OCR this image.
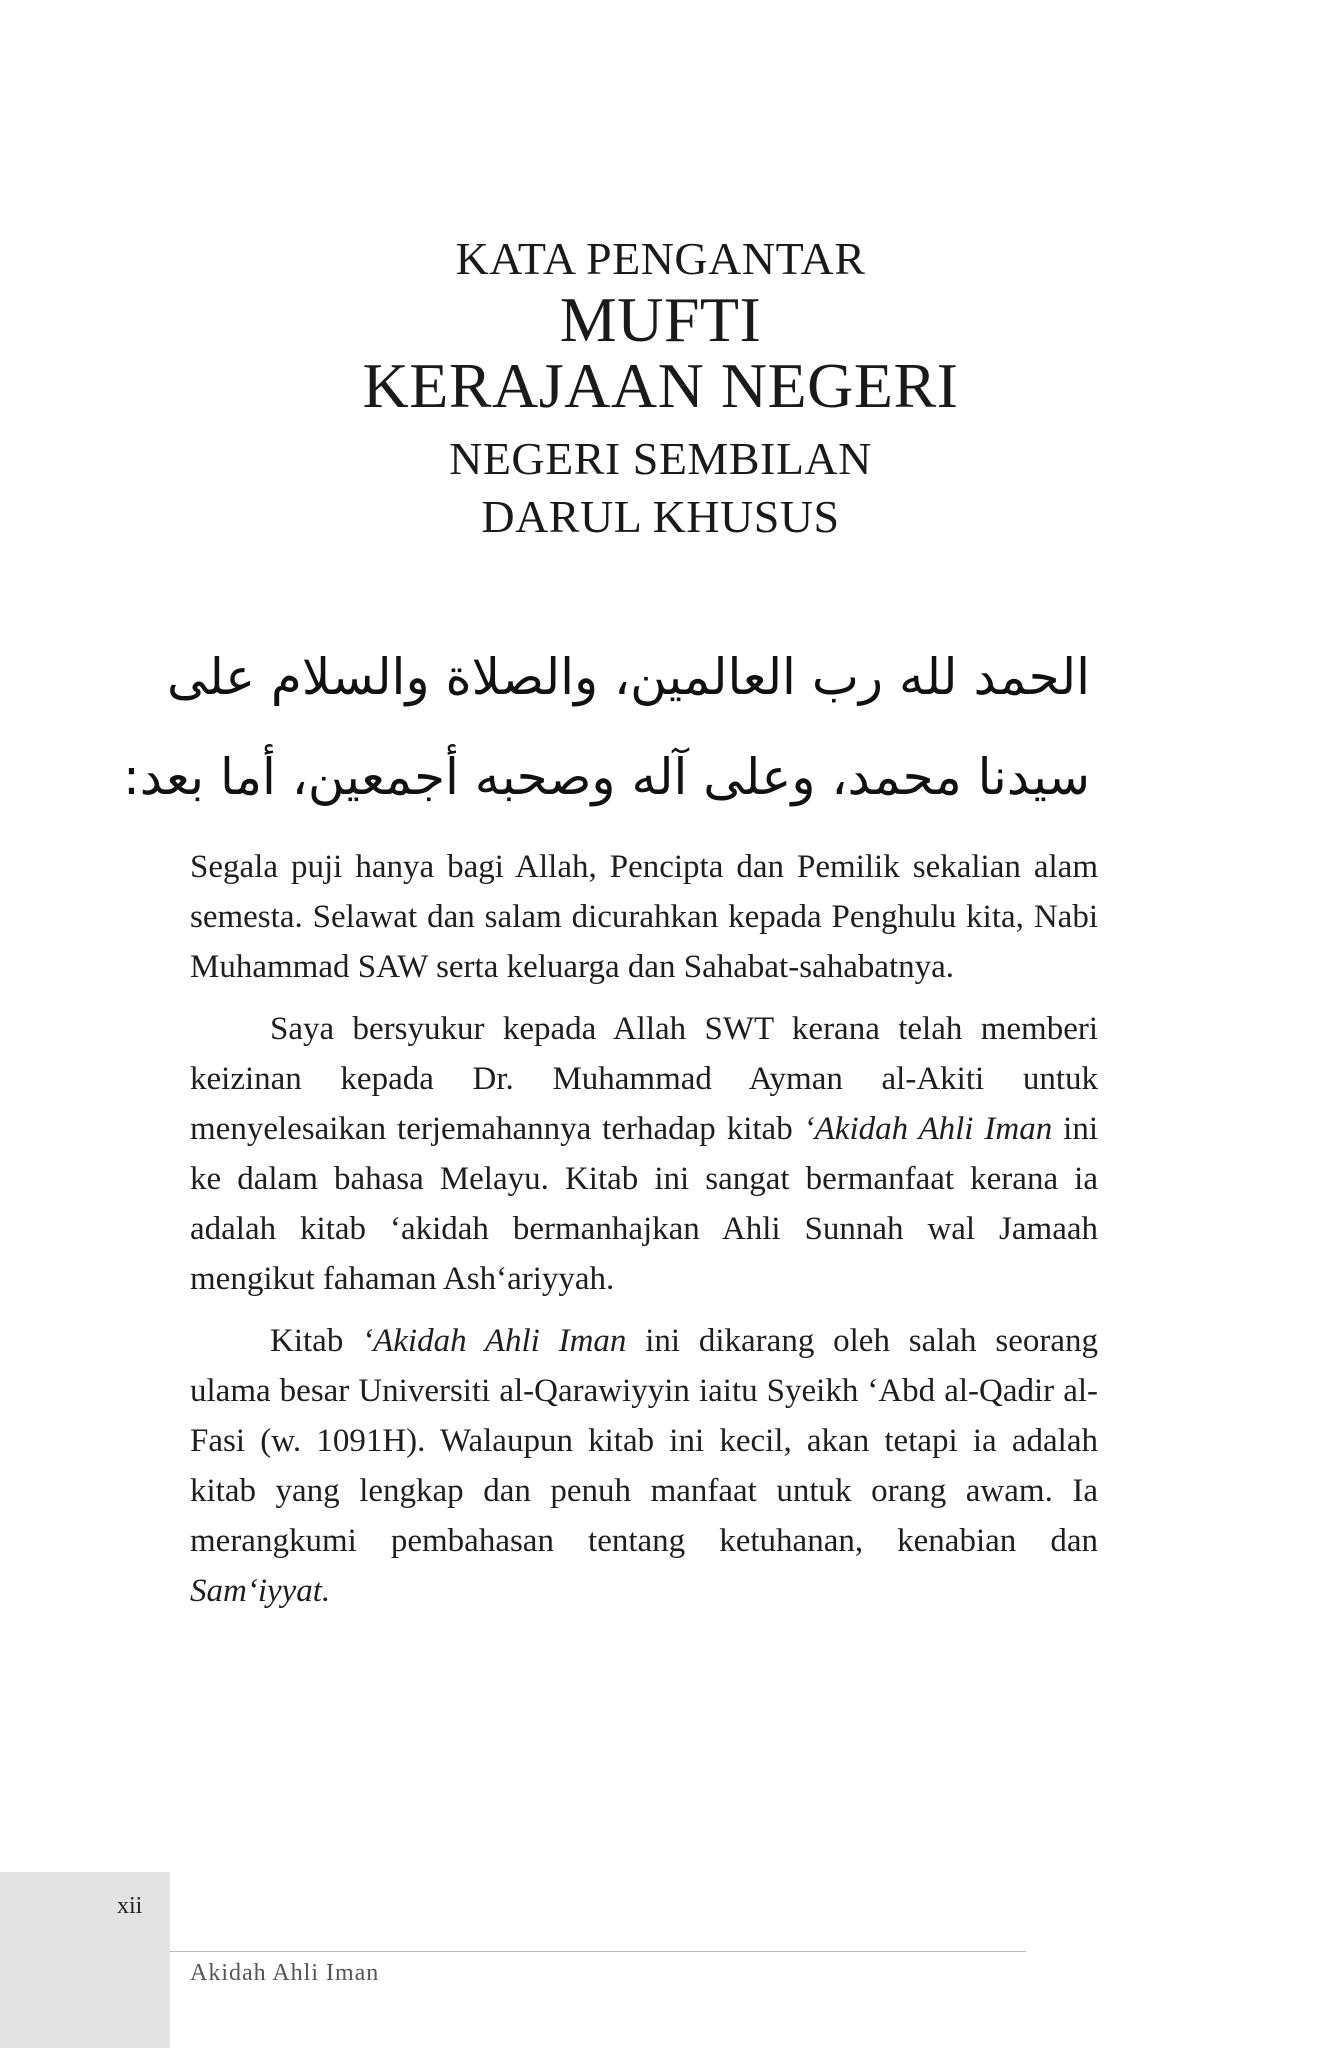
KATA PENGANTAR
MUFTI
KERAJAAN NEGERI
NEGERI SEMBILAN
DARUL KHUSUS
الحمد لله رب العالمين، والصلاة والسلام على
سيدنا محمد، وعلى آله وصحبه أجمعين، أما بعد:

Segala puji hanya bagi Allah, Pencipta dan Pemilik sekalian alam semesta. Selawat dan salam dicurahkan kepada Penghulu kita, Nabi Muhammad SAW serta keluarga dan Sahabat-sahabatnya.

Saya bersyukur kepada Allah SWT kerana telah memberi keizinan kepada Dr. Muhammad Ayman al-Akiti untuk menyelesaikan terjemahannya terhadap kitab ‘Akidah Ahli Iman ini ke dalam bahasa Melayu. Kitab ini sangat bermanfaat kerana ia adalah kitab ‘akidah bermanhajkan Ahli Sunnah wal Jamaah mengikut fahaman Ash‘ariyyah.

Kitab ‘Akidah Ahli Iman ini dikarang oleh salah seorang ulama besar Universiti al-Qarawiyyin iaitu Syeikh ‘Abd al-Qadir al-Fasi (w. 1091H). Walaupun kitab ini kecil, akan tetapi ia adalah kitab yang lengkap dan penuh manfaat untuk orang awam. Ia merangkumi pembahasan tentang ketuhanan, kenabian dan Sam‘iyyat.

xii
Akidah Ahli Iman
